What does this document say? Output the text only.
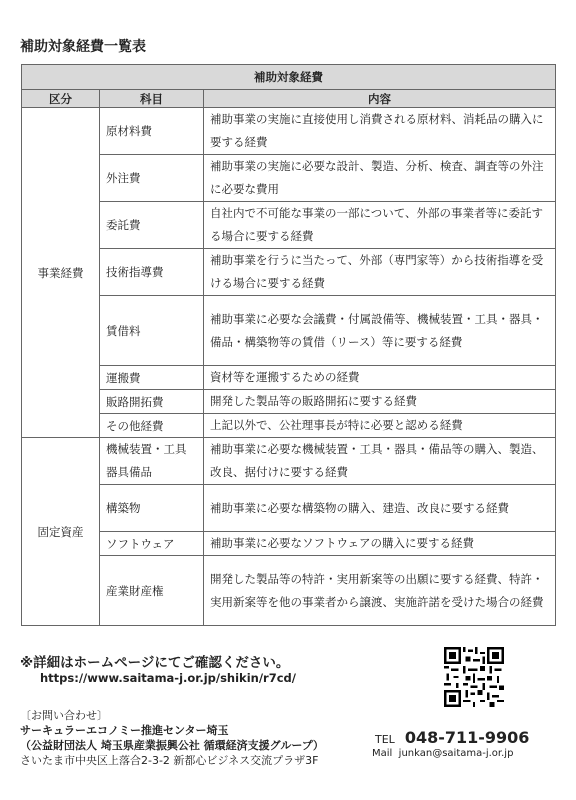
補助対象経費一覧表
補助対象経費		
区分	科目	内容
事業経費	原材料費	補助事業の実施に直接使用し消費される原材料、消耗品の購入に要する経費
	外注費	補助事業の実施に必要な設計、製造、分析、検査、調査等の外注に必要な費用
	委託費	自社内で不可能な事業の一部について、外部の事業者等に委託する場合に要する経費
	技術指導費	補助事業を行うに当たって、外部（専門家等）から技術指導を受ける場合に要する経費
	賃借料	補助事業に必要な会議費・付属設備等、機械装置・工具・器具・備品・構築物等の賃借（リース）等に要する経費
	運搬費	資材等を運搬するための経費
	販路開拓費	開発した製品等の販路開拓に要する経費
	その他経費	上記以外で、公社理事長が特に必要と認める経費
固定資産	機械装置・工具器具備品	補助事業に必要な機械装置・工具・器具・備品等の購入、製造、改良、据付けに要する経費
	構築物	補助事業に必要な構築物の購入、建造、改良に要する経費
	ソフトウェア	補助事業に必要なソフトウェアの購入に要する経費
	産業財産権	開発した製品等の特許・実用新案等の出願に要する経費、特許・実用新案等を他の事業者から譲渡、実施許諾を受けた場合の経費
※詳細はホームページにてご確認ください。
https://www.saitama-j.or.jp/shikin/r7cd/
〔お問い合わせ〕
サーキュラーエコノミー推進センター埼玉
（公益財団法人 埼玉県産業振興公社 循環経済支援グループ）
さいたま市中央区上落合2-3-2 新都心ビジネス交流プラザ3F
TEL 048-711-9906
Mail junkan@saitama-j.or.jp
